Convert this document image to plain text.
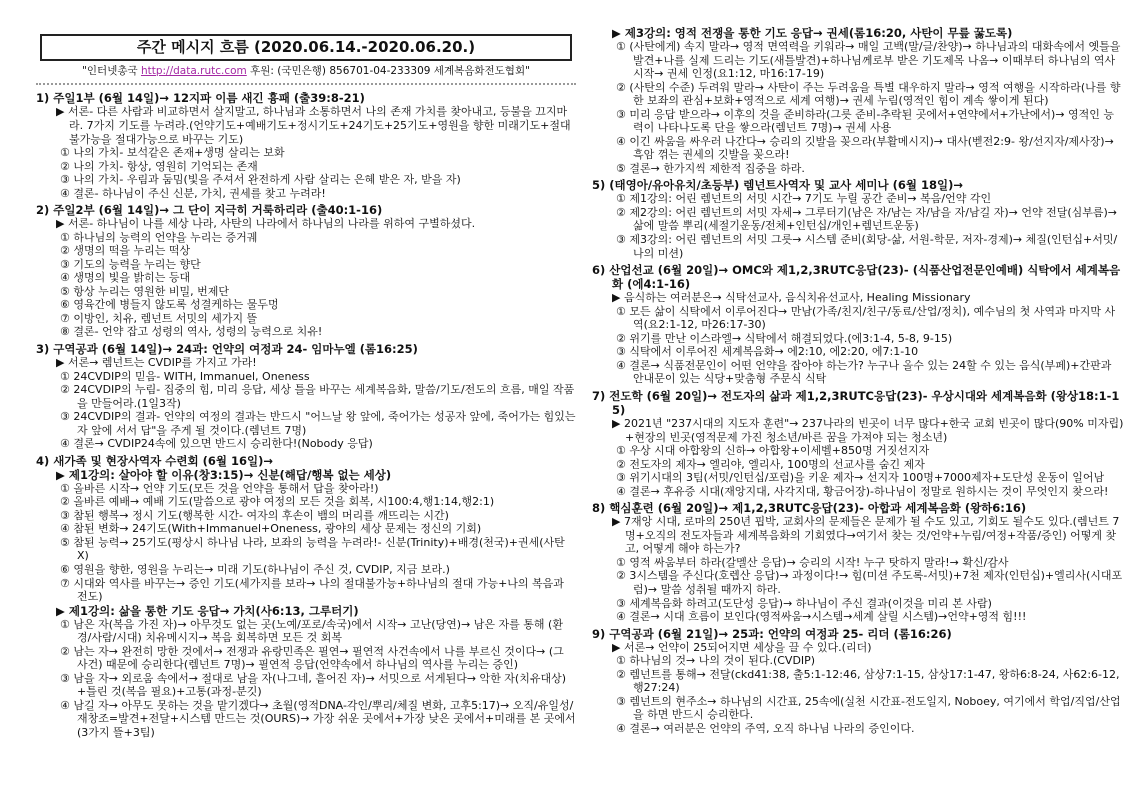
주간 메시지 흐름 (2020.06.14.-2020.06.20.)
"인터넷총국 http://data.rutc.com 후원: (국민은행) 856701-04-233309 세계복음화전도협회"
1) 주일1부 (6월 14일)→ 12지파 이름 새긴 흉패 (출39:8-21)
▶ 서론- 다른 사람과 비교하면서 살지말고, 하나님과 소통하면서 나의 존재 가치를 찾아내고, 등불을 끄지마라. 7가지 기도를 누려라.(언약기도+예배기도+정시기도+24기도+25기도+영원을 향한 미래기도+절대불가능을 절대가능으로 바꾸는 기도)
① 나의 가치- 보석같은 존재+생명 살리는 보화
② 나의 가치- 항상, 영원히 기억되는 존재
③ 나의 가치- 우림과 둠밈(빛을 주셔서 완전하게 사람 살리는 은혜 받은 자, 받을 자)
④ 결론- 하나님이 주신 신분, 가치, 권세를 찾고 누려라!
2) 주일2부 (6월 14일)→ 그 단이 지극히 거룩하리라 (출40:1-16)
▶ 서론- 하나님이 나를 세상 나라, 사탄의 나라에서 하나님의 나라를 위하여 구별하셨다.
① 하나님의 능력의 언약을 누리는 증거궤
② 생명의 떡을 누리는 떡상
③ 기도의 능력을 누리는 향단
④ 생명의 빛을 밝히는 등대
⑤ 항상 누리는 영원한 비밀, 번제단
⑥ 영육간에 병들지 않도록 성결케하는 물두멍
⑦ 이방인, 치유, 렘넌트 서밋의 세가지 뜰
⑧ 결론- 언약 잡고 성령의 역사, 성령의 능력으로 치유!
3) 구역공과 (6월 14일)→ 24과: 언약의 여정과 24- 임마누엘 (롬16:25)
▶ 서론→ 렘넌트는 CVDIP를 가지고 가라!
① 24CVDIP의 믿음- WITH, Immanuel, Oneness
② 24CVDIP의 누림- 집중의 힘, 미리 응답, 세상 틀을 바꾸는 세계복음화, 말씀/기도/전도의 흐름, 매일 작품을 만들어라.(1일3작)
③ 24CVDIP의 결과- 언약의 여정의 결과는 반드시 "어느날 왕 앞에, 죽어가는 성공자 앞에, 죽어가는 힘있는 자 앞에 서서 답"을 주게 될 것이다.(렘넌트 7명)
④ 결론→ CVDIP24속에 있으면 반드시 승리한다!(Nobody 응답)
4) 새가족 및 현장사역자 수련회 (6월 16일)→
▶ 제1강의: 살아야 할 이유(창3:15)→ 신분(해답/행복 없는 세상)
① 올바른 시작→ 언약 기도(모든 것을 언약을 통해서 답을 찾아라!)
② 올바른 예배→ 예배 기도(말씀으로 광야 여정의 모든 것을 회복, 시100:4,행1:14,행2:1)
③ 참된 행복→ 정시 기도(행복한 시간- 여자의 후손이 뱀의 머리를 깨뜨리는 시간)
④ 참된 변화→ 24기도(With+Immanuel+Oneness, 광야의 세상 문제는 정신의 기회)
⑤ 참된 능력→ 25기도(평상시 하나님 나라, 보좌의 능력을 누려라!- 신분(Trinity)+배경(천국)+권세(사탄X)
⑥ 영원을 향한, 영원을 누리는→ 미래 기도(하나님이 주신 것, CVDIP, 지금 보라.)
⑦ 시대와 역사를 바꾸는→ 증인 기도(세가지를 보라→ 나의 절대불가능+하나님의 절대 가능+나의 복음과 전도)
▶ 제1강의: 삶을 통한 기도 응답→ 가치(사6:13, 그루터기)
① 남은 자(복음 가진 자)→ 아무것도 없는 곳(노예/포로/속국)에서 시작→ 고난(당연)→ 남은 자를 통해 (환경/사람/시대) 치유메시지→ 복음 회복하면 모든 것 회복
② 남는 자→ 완전히 망한 것에서→ 전쟁과 유랑민족은 필연→ 필연적 사건속에서 나를 부르신 것이다→ (그 사건) 때문에 승리한다(렘넌트 7명)→ 필연적 응답(언약속에서 하나님의 역사를 누리는 증인)
③ 남을 자→ 외로움 속에서→ 절대로 남을 자(나그네, 흩어진 자)→ 서밋으로 서게된다→ 악한 자(치유대상)+틀린 것(복음 필요)+고통(과정-분깃)
④ 남길 자→ 아무도 못하는 것을 맡기겠다→ 초월(영적DNA-각인/뿌리/체질 변화, 고후5:17)→ 오직/유일성/재창조=발견+전달+시스템 만드는 것(OURS)→ 가장 쉬운 곳에서+가장 낮은 곳에서+미래를 본 곳에서(3가지 뜰+3팀)
▶ 제3강의: 영적 전쟁을 통한 기도 응답→ 권세(롬16:20, 사탄이 무릎 꿇도록)
① (사탄에게) 속지 말라→ 영적 면역력을 키워라→ 매일 고백(말/글/찬양)→ 하나님과의 대화속에서 옛틀을 발견+나를 실제 드리는 기도(새틀발견)+하나님께로부 받은 기도제목 나옴→ 이때부터 하나님의 역사 시작→ 권세 인정(요1:12, 마16:17-19)
② (사탄의 수준) 두려워 말라→ 사탄이 주는 두려움을 특별 대우하지 말라→ 영적 여행을 시작하라(나를 향한 보좌의 관심+보화+영적으로 세계 여행)→ 권세 누림(영적인 힘이 계속 쌓이게 된다)
③ 미리 응답 받으라→ 이후의 것을 준비하라(그릇 준비-추락된 곳에서+연약에서+가난에서)→ 영적인 능력이 나타나도록 단을 쌓으라(렘넌트 7명)→ 권세 사용
④ 이긴 싸움을 싸우러 나간다→ 승리의 깃발을 꽂으라(부활메시지)→ 대사(벧전2:9- 왕/선지자/제사장)→ 흑암 꺾는 권세의 깃발을 꽂으라!
⑤ 결론→ 한가지씩 제한적 집중을 하라.
5) (태영아/유아유치/초등부) 렘넌트사역자 및 교사 세미나 (6월 18일)→
① 제1강의: 어린 렘넌트의 서밋 시간→ 7기도 누릴 공간 준비→ 복음/언약 각인
② 제2강의: 어린 렘넌트의 서밋 자세→ 그루터기(남은 자/남는 자/남을 자/남길 자)→ 언약 전달(심부름)→ 삶에 말씀 뿌리(세절기운동/전체+인턴십/개인+렘넌트운동)
③ 제3강의: 어린 렘넌트의 서밋 그릇→ 시스템 준비(회당-삶, 서원-학문, 저자-경제)→ 체질(인턴십+서밋/나의 미션)
6) 산업선교 (6월 20일)→ OMC와 제1,2,3RUTC응답(23)- (식품산업전문인예배) 식탁에서 세계복음화 (에4:1-16)
▶ 음식하는 여러분은→ 식탁선교사, 음식치유선교사, Healing Missionary
① 모든 삶이 식탁에서 이루어진다→ 만남(가족/친지/친구/동료/산업/정치), 예수님의 첫 사역과 마지막 사역(요2:1-12, 마26:17-30)
② 위기를 만난 이스라엘→ 식탁에서 해결되었다.(에3:1-4, 5-8, 9-15)
③ 식탁에서 이루어진 세계복음화→ 에2:10, 에2:20, 에7:1-10
④ 결론→ 식품전문인이 어떤 언약을 잡아야 하는가? 누구나 올수 있는 24할 수 있는 음식(부페)+간판과 안내문이 있는 식당+맞춤형 주문식 식탁
7) 전도학 (6월 20일)→ 전도자의 삶과 제1,2,3RUTC응답(23)- 우상시대와 세계복음화 (왕상18:1-15)
▶ 2021년 "237시대의 지도자 훈련"→ 237나라의 빈곳이 너무 많다+한국 교회 빈곳이 많다(90% 미자립)+현장의 빈곳(영적문제 가진 청소년/바른 꿈을 가져야 되는 청소년)
① 우상 시대 아합왕의 신하→ 아합왕+이세벨+850명 거짓선지자
② 전도자의 제자→ 엘리야, 엘리사, 100명의 선교사를 숨긴 제자
③ 위기시대의 3팀(서밋/인턴십/포럼)을 키운 제자→ 선지자 100명+7000제자+도단성 운동이 일어남
④ 결론→ 후유증 시대(재앙지대, 사각지대, 황금어장)-하나님이 정말로 원하시는 것이 무엇인지 찾으라!
8) 핵심훈련 (6월 20일)→ 제1,2,3RUTC응답(23)- 아합과 세계복음화 (왕하6:16)
▶ 7재앙 시대, 로마의 250년 핍박, 교회사의 문제들은 문제가 될 수도 있고, 기회도 될수도 있다.(렘넌트 7명+오직의 전도자들과 세계복음화의 기회였다→여기서 찾는 것/언약+누림/여정+작품/증인) 어떻게 찾고, 어떻게 해야 하는가?
① 영적 싸움부터 하라(갈멜산 응답)→ 승리의 시작! 누구 탓하지 말라!→ 확신/감사
② 3시스템을 주신다(호렙산 응답)→ 과정이다!→ 힘(미션 주도록-서밋)+7천 제자(인턴십)+엘리사(시대포럼)→ 말씀 성취될 때까지 하라.
③ 세계복음화 하려고(도단성 응답)→ 하나님이 주신 결과(이것을 미리 본 사람)
④ 결론→ 시대 흐름이 보인다(영적싸움→시스템→세계 살릴 시스템)→언약+영적 힘!!!
9) 구역공과 (6월 21일)→ 25과: 언약의 여정과 25- 리더 (롬16:26)
▶ 서론→ 언약이 25되어지면 세상을 끌 수 있다.(리더)
① 하나님의 것→ 나의 것이 된다.(CVDIP)
② 렘넌트를 통해→ 전달(ckd41:38, 출5:1-12:46, 삼상7:1-15, 삼상17:1-47, 왕하6:8-24, 사62:6-12, 행27:24)
③ 렘넌트의 현주소→ 하나님의 시간표, 25속에(실천 시간표-전도일지, Noboey, 여기에서 학업/직업/산업을 하면 반드시 승리한다.
④ 결론→ 여러분은 언약의 주역, 오직 하나님 나라의 증인이다.
